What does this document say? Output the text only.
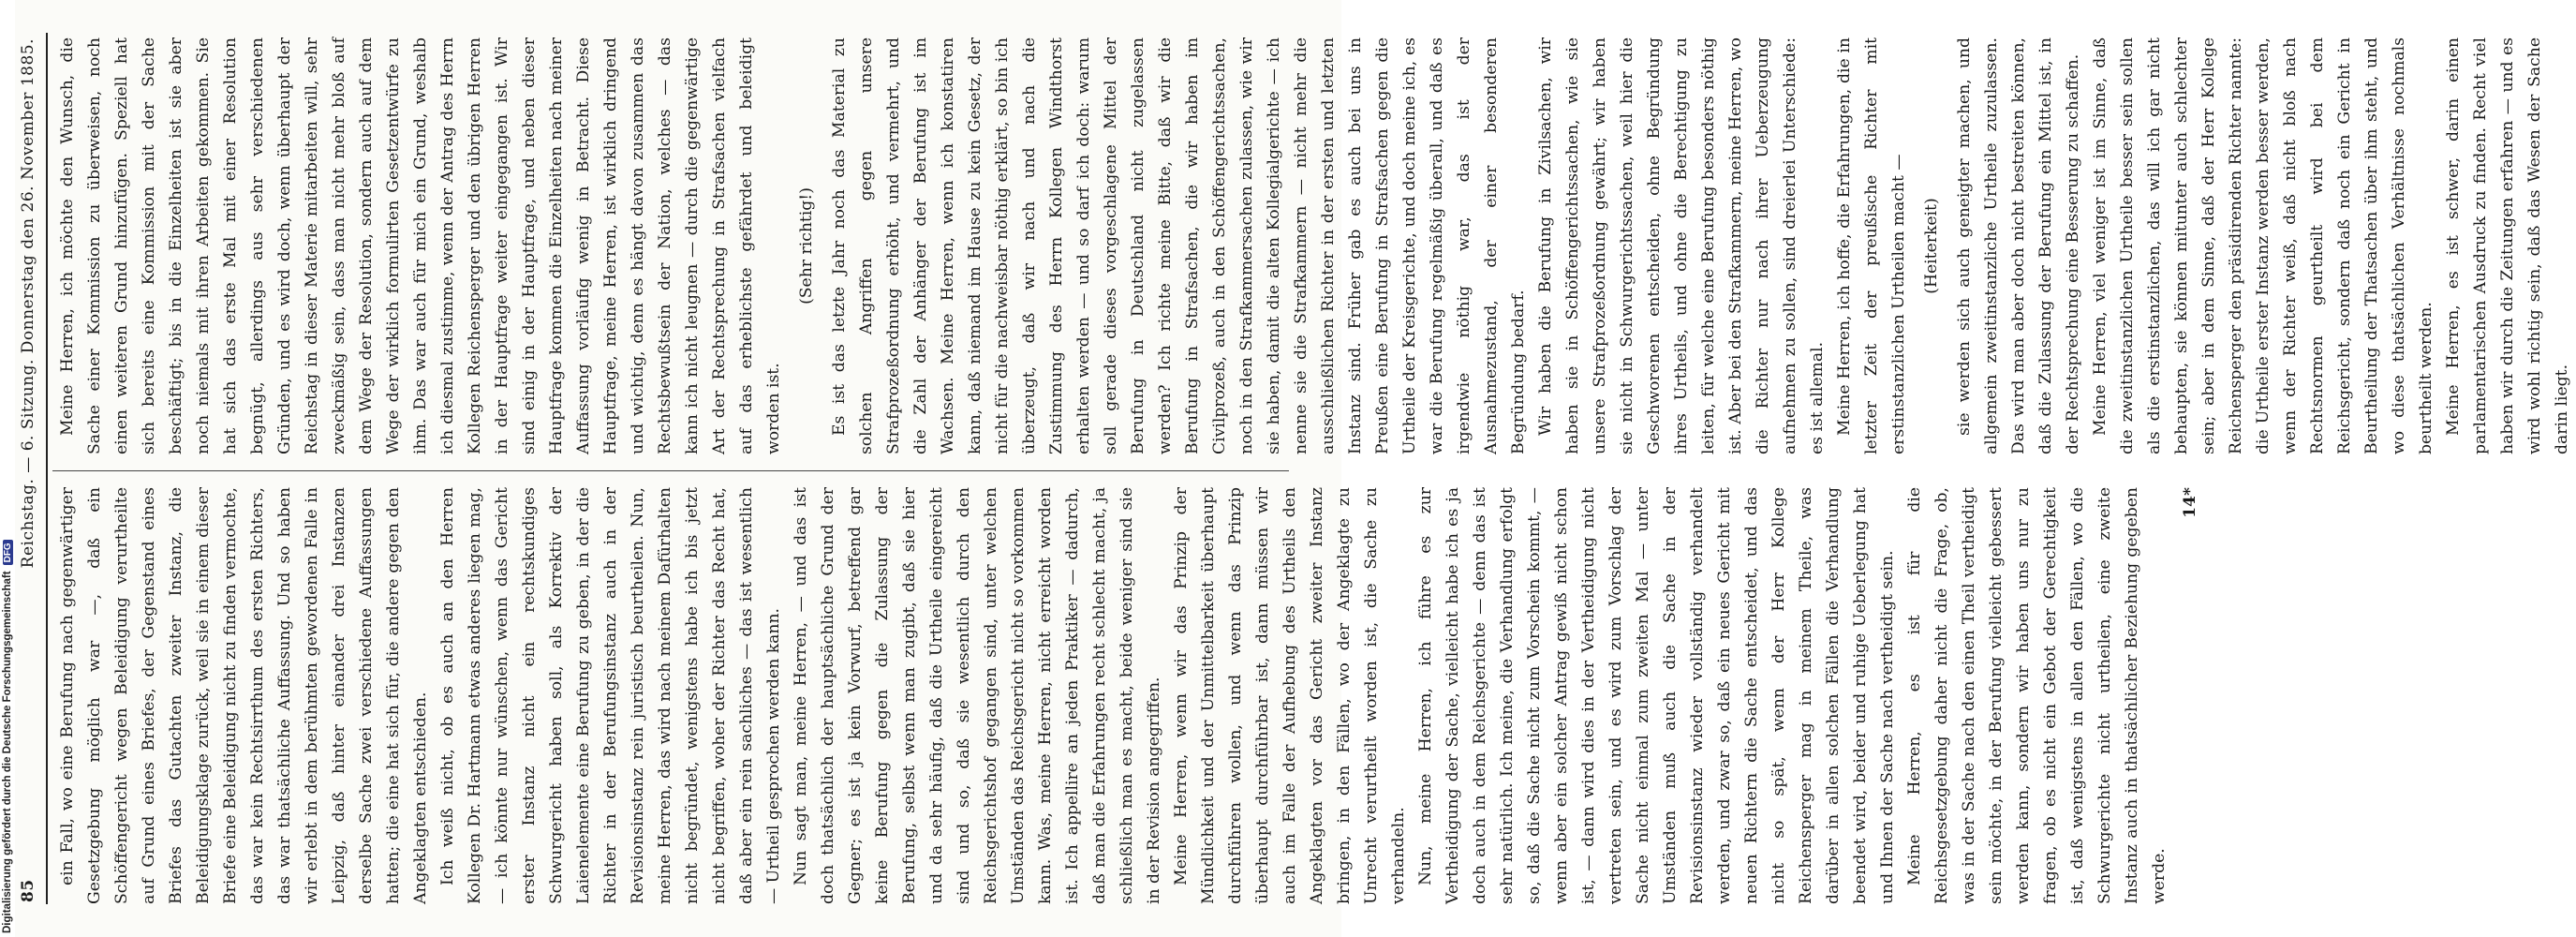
Digitalisierung gefördert durch die Deutsche ForschungsgemeinschaftDFG
85
Reichstag. — 6. Sitzung. Donnerstag den 26. November 1885.

ein Fall, wo eine Berufung nach gegenwärtiger Gesetzgebung möglich war —, daß ein Schöffengericht wegen Beleidigung verurtheilte auf Grund eines Briefes, der Gegenstand eines Briefes das Gutachten zweiter Instanz, die Beleidigungsklage zurück, weil sie in einem dieser Briefe eine Beleidigung nicht zu finden vermochte, das war kein Rechtsirrthum des ersten Richters, das war thatsächliche Auffassung. Und so haben wir erlebt in dem berühmten gewordenen Falle in Leipzig, daß hinter einander drei Instanzen derselbe Sache zwei verschiedene Auffassungen hatten; die eine hat sich für, die andere gegen den Angeklagten entschieden. Ich weiß nicht, ob es auch an den Herren Kollegen Dr. Hartmann etwas anderes liegen mag, — ich könnte nur wünschen, wenn das Gericht erster Instanz nicht ein rechtskundiges Schwurgericht haben soll, als Korrektiv der Laienelemente eine Berufung zu geben, in der die Richter in der Berufungsinstanz auch in der Revisionsinstanz rein juristisch beurtheilen. Nun, meine Herren, das wird nach meinem Dafürhalten nicht begründet, wenigstens habe ich bis jetzt nicht begriffen, woher der Richter das Recht hat, daß aber ein rein sachliches — das ist wesentlich — Urtheil gesprochen werden kann. Nun sagt man, meine Herren, — und das ist doch thatsächlich der hauptsächliche Grund der Gegner; es ist ja kein Vorwurf, betreffend gar keine Berufung gegen die Zulassung der Berufung, selbst wenn man zugibt, daß sie hier und da sehr häufig, daß die Urtheile eingereicht sind und so, daß sie wesentlich durch den Reichsgerichtshof gegangen sind, unter welchen Umständen das Reichsgericht nicht so vorkommen kann. Was, meine Herren, nicht erreicht worden ist. Ich appellire an jeden Praktiker — dadurch, daß man die Erfahrungen recht schlecht macht, ja schließlich man es macht, beide weniger sind sie in der Revision angegriffen. Meine Herren, wenn wir das Prinzip der Mündlichkeit und der Unmittelbarkeit überhaupt durchführen wollen, und wenn das Prinzip überhaupt durchführbar ist, dann müssen wir auch im Falle der Aufhebung des Urtheils den Angeklagten vor das Gericht zweiter Instanz bringen, in den Fällen, wo der Angeklagte zu Unrecht verurtheilt worden ist, die Sache zu verhandeln. Nun, meine Herren, ich führe es zur Vertheidigung der Sache, vielleicht habe ich es ja doch auch in dem Reichsgerichte — denn das ist sehr natürlich. Ich meine, die Verhandlung erfolgt so, daß die Sache nicht zum Vorschein kommt, — wenn aber ein solcher Antrag gewiß nicht schon ist, — dann wird dies in der Vertheidigung nicht vertreten sein, und es wird zum Vorschlag der Sache nicht einmal zum zweiten Mal — unter Umständen muß auch die Sache in der Revisionsinstanz wieder vollständig verhandelt werden, und zwar so, daß ein neues Gericht mit neuen Richtern die Sache entscheidet, und das nicht so spät, wenn der Herr Kollege Reichensperger mag in meinem Theile, was darüber in allen solchen Fällen die Verhandlung beendet wird, beider und ruhige Ueberlegung hat und Ihnen der Sache nach vertheidigt sein. Meine Herren, es ist für die Reichsgesetzgebung daher nicht die Frage, ob, was in der Sache nach den einen Theil vertheidigt sein möchte, in der Berufung vielleicht gebessert werden kann, sondern wir haben uns nur zu fragen, ob es nicht ein Gebot der Gerechtigkeit ist, daß wenigstens in allen den Fällen, wo die Schwurgerichte nicht urtheilen, eine zweite Instanz auch in thatsächlicher Beziehung gegeben werde.

14*

Meine Herren, ich möchte den Wunsch, die Sache einer Kommission zu überweisen, noch einen weiteren Grund hinzufügen. Speziell hat sich bereits eine Kommission mit der Sache beschäftigt; bis in die Einzelheiten ist sie aber noch niemals mit ihren Arbeiten gekommen. Sie hat sich das erste Mal mit einer Resolution begnügt, allerdings aus sehr verschiedenen Gründen, und es wird doch, wenn überhaupt der Reichstag in dieser Materie mitarbeiten will, sehr zweckmäßig sein, dass man nicht mehr bloß auf dem Wege der Resolution, sondern auch auf dem Wege der wirklich formulirten Gesetzentwürfe zu ihm. Das war auch für mich ein Grund, weshalb ich diesmal zustimme, wenn der Antrag des Herrn Kollegen Reichensperger und den übrigen Herren in der Hauptfrage weiter eingegangen ist. Wir sind einig in der Hauptfrage, und neben dieser Hauptfrage kommen die Einzelheiten nach meiner Auffassung vorläufig wenig in Betracht. Diese Hauptfrage, meine Herren, ist wirklich dringend und wichtig, denn es hängt davon zusammen das Rechtsbewußtsein der Nation, welches — das kann ich nicht leugnen — durch die gegenwärtige Art der Rechtsprechung in Strafsachen vielfach auf das erheblichste gefährdet und beleidigt worden ist.

(Sehr richtig!) Es ist das letzte Jahr noch das Material zu solchen Angriffen gegen unsere Strafprozeßordnung erhöht, und vermehrt, und die Zahl der Anhänger der Berufung ist im Wachsen. Meine Herren, wenn ich konstatiren kann, daß niemand im Hause zu kein Gesetz, der nicht für die nachweisbar nöthig erklärt, so bin ich überzeugt, daß wir nach und nach die Zustimmung des Herrn Kollegen Windthorst erhalten werden — und so darf ich doch: warum soll gerade dieses vorgeschlagene Mittel der Berufung in Deutschland nicht zugelassen werden? Ich richte meine Bitte, daß wir die Berufung in Strafsachen, die wir haben im Civilprozeß, auch in den Schöffengerichtssachen, noch in den Strafkammersachen zulassen, wie wir sie haben, damit die alten Kollegialgerichte — ich nenne sie die Strafkammern — nicht mehr die ausschließlichen Richter in der ersten und letzten Instanz sind. Früher gab es auch bei uns in Preußen eine Berufung in Strafsachen gegen die Urtheile der Kreisgerichte, und doch meine ich, es war die Berufung regelmäßig überall, und daß es irgendwie nöthig war, das ist der Ausnahmezustand, der einer besonderen Begründung bedarf. Wir haben die Berufung in Zivilsachen, wir haben sie in Schöffengerichtssachen, wie sie unsere Strafprozeßordnung gewährt; wir haben sie nicht in Schwurgerichtssachen, weil hier die Geschworenen entscheiden, ohne Begründung ihres Urtheils, und ohne die Berechtigung zu leiten, für welche eine Berufung besonders nöthig ist. Aber bei den Strafkammern, meine Herren, wo die Richter nur nach ihrer Ueberzeugung aufnehmen zu sollen, sind dreierlei Unterschiede: es ist allemal. Meine Herren, ich hoffe, die Erfahrungen, die in letzter Zeit der preußische Richter mit erstinstanzlichen Urtheilen macht — (Heiterkeit) sie werden sich auch geneigter machen, und allgemein zweitinstanzliche Urtheile zuzulassen. Das wird man aber doch nicht bestreiten können, daß die Zulassung der Berufung ein Mittel ist, in der Rechtsprechung eine Besserung zu schaffen. Meine Herren, viel weniger ist im Sinne, daß die zweitinstanzlichen Urtheile besser sein sollen als die erstinstanzlichen, das will ich gar nicht behaupten, sie können mitunter auch schlechter sein; aber in dem Sinne, daß der Herr Kollege Reichensperger den präsidirenden Richter nannte: die Urtheile erster Instanz werden besser werden, wenn der Richter weiß, daß nicht bloß nach Rechtsnormen geurtheilt wird bei dem Reichsgericht, sondern daß noch ein Gericht in Beurtheilung der Thatsachen über ihm steht, und wo diese thatsächlichen Verhältnisse nochmals beurtheilt werden. Meine Herren, es ist schwer, darin einen parlamentarischen Ausdruck zu finden. Recht viel haben wir durch die Zeitungen erfahren — und es wird wohl richtig sein, daß das Wesen der Sache darin liegt.
